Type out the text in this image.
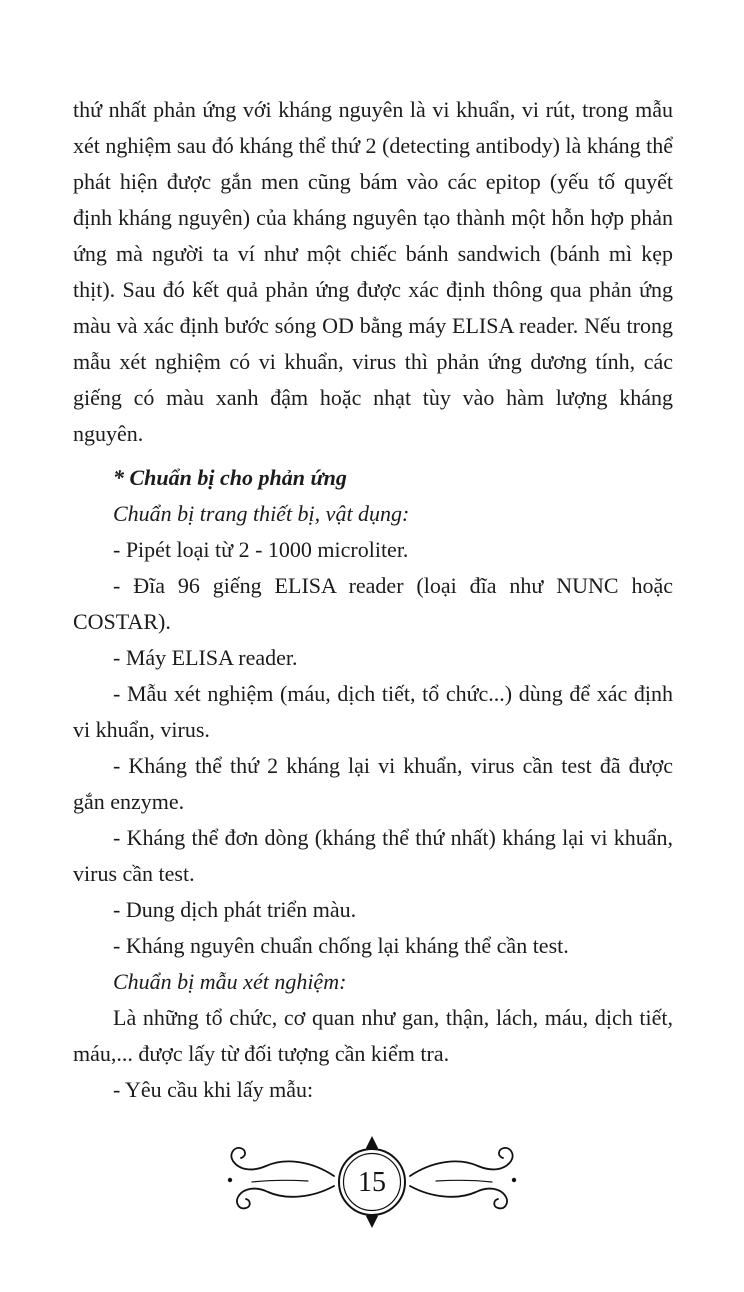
thứ nhất phản ứng với kháng nguyên là vi khuẩn, vi rút, trong mẫu xét nghiệm sau đó kháng thể thứ 2 (detecting antibody) là kháng thể phát hiện được gắn men cũng bám vào các epitop (yếu tố quyết định kháng nguyên) của kháng nguyên tạo thành một hỗn hợp phản ứng mà người ta ví như một chiếc bánh sandwich (bánh mì kẹp thịt). Sau đó kết quả phản ứng được xác định thông qua phản ứng màu và xác định bước sóng OD bằng máy ELISA reader. Nếu trong mẫu xét nghiệm có vi khuẩn, virus thì phản ứng dương tính, các giếng có màu xanh đậm hoặc nhạt tùy vào hàm lượng kháng nguyên.

* Chuẩn bị cho phản ứng

Chuẩn bị trang thiết bị, vật dụng:

- Pipét loại từ 2 - 1000 microliter.

- Đĩa 96 giếng ELISA reader (loại đĩa như NUNC hoặc COSTAR).

- Máy ELISA reader.

- Mẫu xét nghiệm (máu, dịch tiết, tổ chức...) dùng để xác định vi khuẩn, virus.

- Kháng thể thứ 2 kháng lại vi khuẩn, virus cần test đã được gắn enzyme.

- Kháng thể đơn dòng (kháng thể thứ nhất) kháng lại vi khuẩn, virus cần test.

- Dung dịch phát triển màu.

- Kháng nguyên chuẩn chống lại kháng thể cần test.

Chuẩn bị mẫu xét nghiệm:

Là những tổ chức, cơ quan như gan, thận, lách, máu, dịch tiết, máu,... được lấy từ đối tượng cần kiểm tra.

- Yêu cầu khi lấy mẫu:

15
